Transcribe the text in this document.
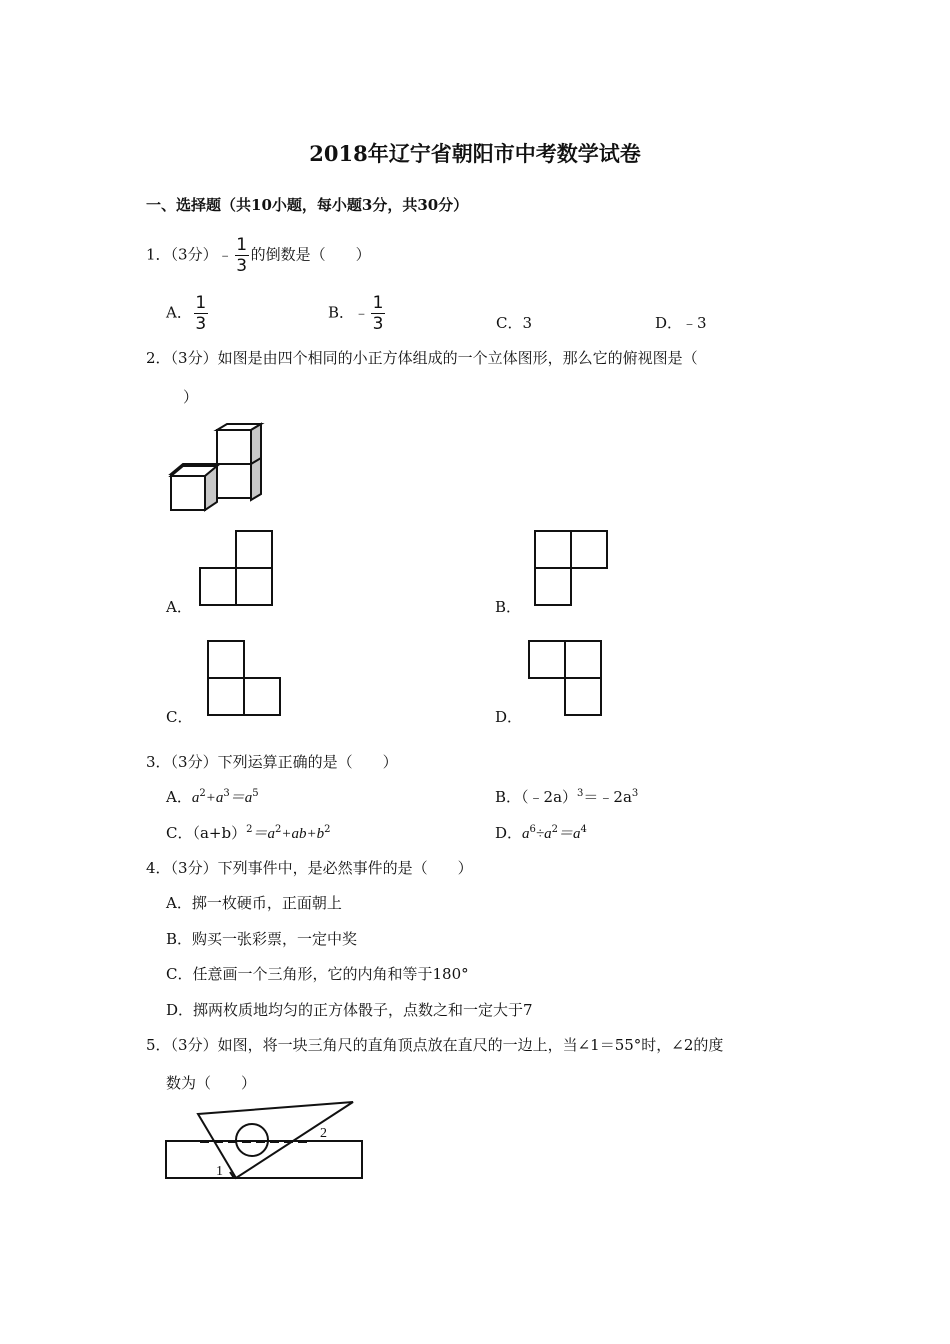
2018年辽宁省朝阳市中考数学试卷
一、选择题（共10小题，每小题3分，共30分）
1．（3分）﹣ $\frac{1}{3}$ 的倒数是（　　）
A． $\frac{1}{3}$	B．﹣ $\frac{1}{3}$	C．3	D．﹣3
2．（3分）如图是由四个相同的小正方体组成的一个立体图形，那么它的俯视图是（
）
A．	B．
C．	D．
3．（3分）下列运算正确的是（　　）
A．$a^2+a^3=a^5$	B．$(﹣2a)^3=﹣2a^3$
C．$(a+b)^2=a^2+ab+b^2$	D．$a^6\div a^2=a^4$
4．（3分）下列事件中，是必然事件的是（　　）
A．掷一枚硬币，正面朝上
B．购买一张彩票，一定中奖
C．任意画一个三角形，它的内角和等于180°
D．掷两枚质地均匀的正方体骰子，点数之和一定大于7
5．（3分）如图，将一块三角尺的直角顶点放在直尺的一边上，当∠1＝55°时，∠2的度
数为（　　）
1
2
